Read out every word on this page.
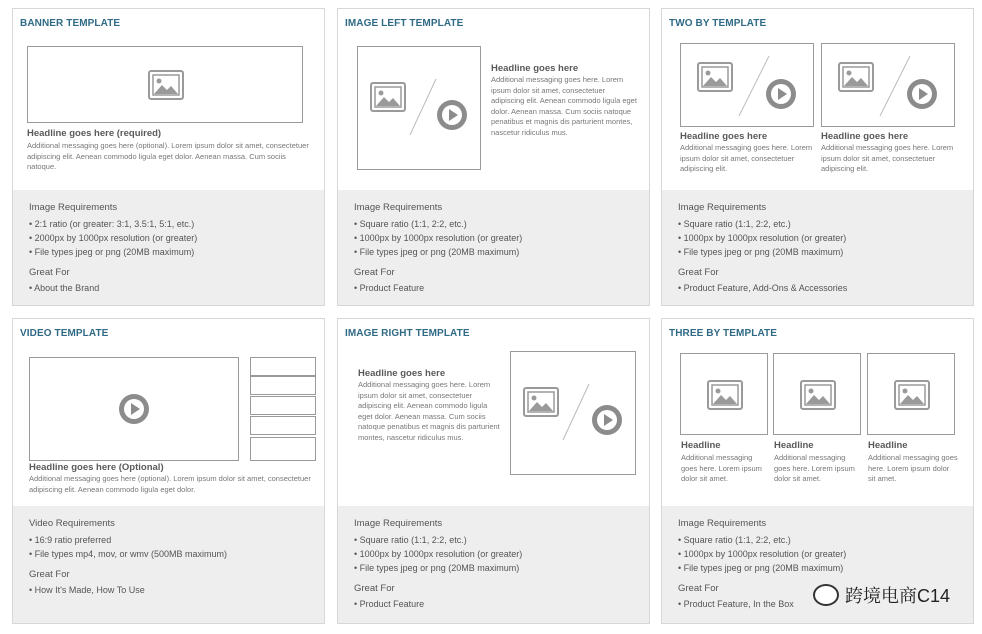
BANNER TEMPLATE
Headline goes here (required)
Additional messaging goes here (optional). Lorem ipsum dolor sit amet, consectetuer adipiscing elit. Aenean commodo ligula eget dolor. Aenean massa. Cum sociis natoque.
Image Requirements
• 2:1 ratio (or greater: 3:1, 3.5:1, 5:1, etc.)
• 2000px by 1000px resolution (or greater)
• File types jpeg or png (20MB maximum)
Great For
• About the Brand
IMAGE LEFT TEMPLATE
Headline goes here
Additional messaging goes here. Lorem ipsum dolor sit amet, consectetuer adipiscing elit. Aenean commodo ligula eget dolor. Aenean massa. Cum sociis natoque penatibus et magnis dis parturient montes, nascetur ridiculus mus.
Image Requirements
• Square ratio (1:1, 2:2, etc.)
• 1000px by 1000px resolution (or greater)
• File types jpeg or png (20MB maximum)
Great For
• Product Feature
TWO BY TEMPLATE
Headline goes here
Additional messaging goes here. Lorem ipsum dolor sit amet, consectetuer adipiscing elit.
Headline goes here
Additional messaging goes here. Lorem ipsum dolor sit amet, consectetuer adipiscing elit.
Image Requirements
• Square ratio (1:1, 2:2, etc.)
• 1000px by 1000px resolution (or greater)
• File types jpeg or png (20MB maximum)
Great For
• Product Feature, Add-Ons & Accessories
VIDEO TEMPLATE
Headline goes here (Optional)
Additional messaging goes here (optional). Lorem ipsum dolor sit amet, consectetuer adipiscing elit. Aenean commodo ligula eget dolor.
Video Requirements
• 16:9 ratio preferred
• File types mp4, mov, or wmv (500MB maximum)
Great For
• How It's Made, How To Use
IMAGE RIGHT TEMPLATE
Headline goes here
Additional messaging goes here. Lorem ipsum dolor sit amet, consectetuer adipiscing elit. Aenean commodo ligula eget dolor. Aenean massa. Cum sociis natoque penatibus et magnis dis parturient montes, nascetur ridiculus mus.
Image Requirements
• Square ratio (1:1, 2:2, etc.)
• 1000px by 1000px resolution (or greater)
• File types jpeg or png (20MB maximum)
Great For
• Product Feature
THREE BY TEMPLATE
Headline
Additional messaging goes here. Lorem ipsum dolor sit amet.
Headline
Additional messaging goes here. Lorem ipsum dolor sit amet.
Headline
Additional messaging goes here. Lorem ipsum dolor sit amet.
Image Requirements
• Square ratio (1:1, 2:2, etc.)
• 1000px by 1000px resolution (or greater)
• File types jpeg or png (20MB maximum)
Great For
• Product Feature, In the Box	跨境电商C14
